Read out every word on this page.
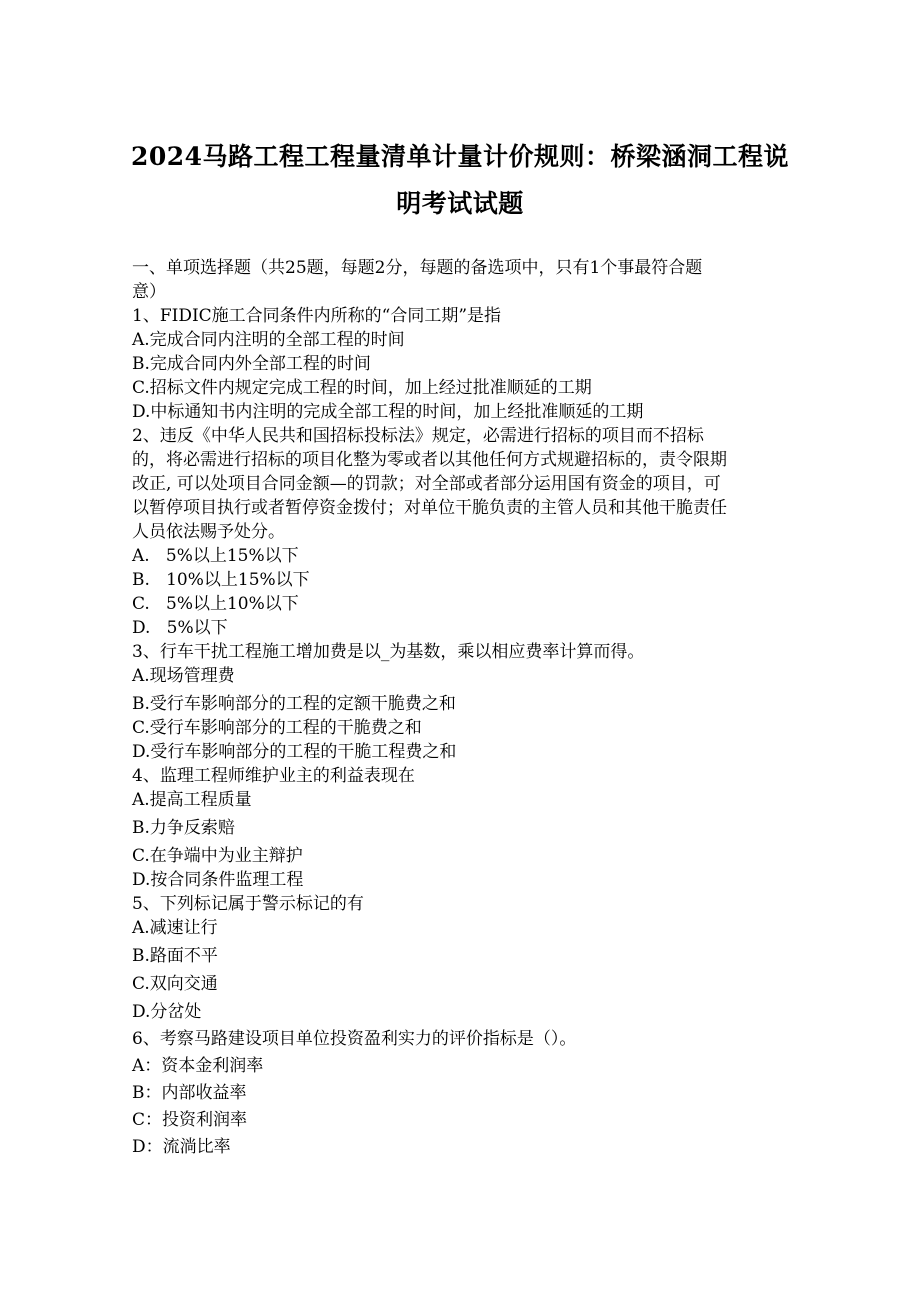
2024马路工程工程量清单计量计价规则：桥梁涵洞工程说
明考试试题
一、单项选择题（共25题，每题2分，每题的备选项中，只有1个事最符合题
意）
1、FIDIC施工合同条件内所称的“合同工期”是指
A.完成合同内注明的全部工程的时间
B.完成合同内外全部工程的时间
C.招标文件内规定完成工程的时间，加上经过批准顺延的工期
D.中标通知书内注明的完成全部工程的时间，加上经批准顺延的工期
2、违反《中华人民共和国招标投标法》规定，必需进行招标的项目而不招标
的，将必需进行招标的项目化整为零或者以其他任何方式规避招标的，责令限期
改正, 可以处项目合同金额—的罚款；对全部或者部分运用国有资金的项目，可
以暂停项目执行或者暂停资金拨付；对单位干脆负责的主管人员和其他干脆责任
人员依法赐予处分。
A.   5%以上15%以下
B.   10%以上15%以下
C.   5%以上10%以下
D.   5%以下
3、行车干扰工程施工增加费是以_为基数，乘以相应费率计算而得。
A.现场管理费
B.受行车影响部分的工程的定额干脆费之和
C.受行车影响部分的工程的干脆费之和
D.受行车影响部分的工程的干脆工程费之和
4、监理工程师维护业主的利益表现在
A.提高工程质量
B.力争反索赔
C.在争端中为业主辩护
D.按合同条件监理工程
5、下列标记属于警示标记的有
A.减速让行
B.路面不平
C.双向交通
D.分岔处
6、考察马路建设项目单位投资盈利实力的评价指标是（）。
A：资本金利润率
B：内部收益率
C：投资利润率
D：流淌比率
